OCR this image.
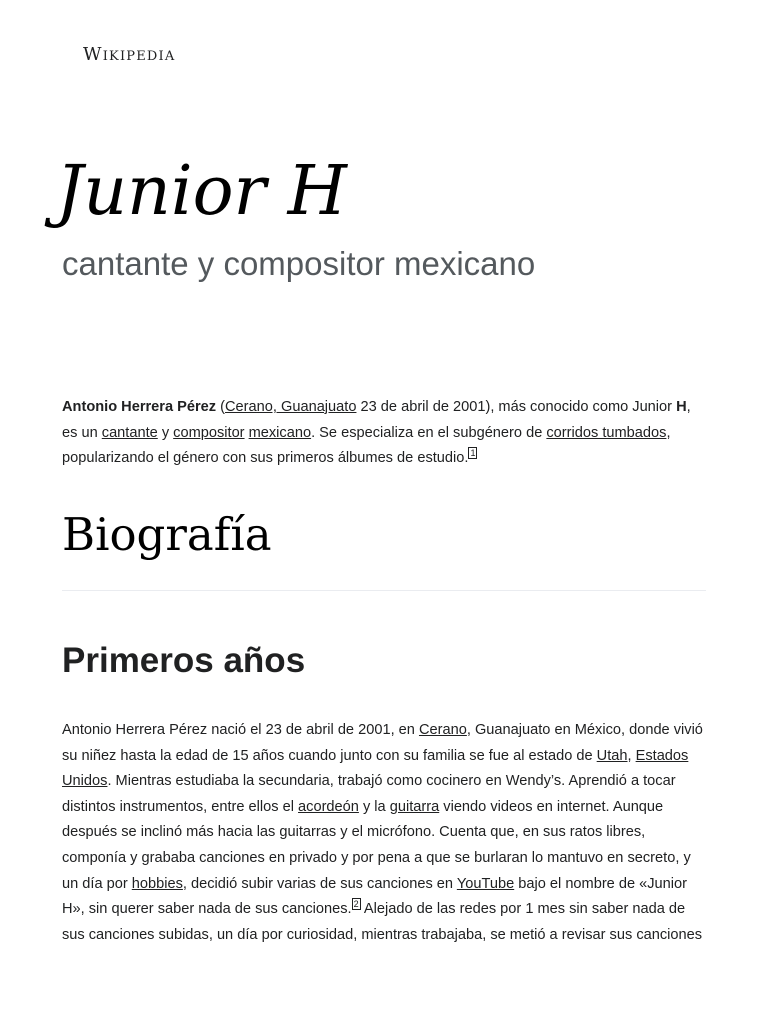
Wikipedia
Junior H

cantante y compositor mexicano

Antonio Herrera Pérez (Cerano, Guanajuato 23 de abril de 2001), más conocido como Junior H, es un cantante y compositor mexicano. Se especializa en el subgénero de corridos tumbados, popularizando el género con sus primeros álbumes de estudio. $^1$

Biografía
Primeros años

Antonio Herrera Pérez nació el 23 de abril de 2001, en Cerano, Guanajuato en México, donde vivió su niñez hasta la edad de 15 años cuando junto con su familia se fue al estado de Utah, Estados Unidos. Mientras estudiaba la secundaria, trabajó como cocinero en Wendy’s. Aprendió a tocar distintos instrumentos, entre ellos el acordeón y la guitarra viendo videos en internet. Aunque después se inclinó más hacia las guitarras y el micrófono. Cuenta que, en sus ratos libres, componía y grababa canciones en privado y por pena a que se burlaran lo mantuvo en secreto, y un día por hobbies, decidió subir varias de sus canciones en YouTube bajo el nombre de «Junior H», sin querer saber nada de sus canciones. $^2$ Alejado de las redes por 1 mes sin saber nada de sus canciones subidas, un día por curiosidad, mientras trabajaba, se metió a revisar sus canciones
